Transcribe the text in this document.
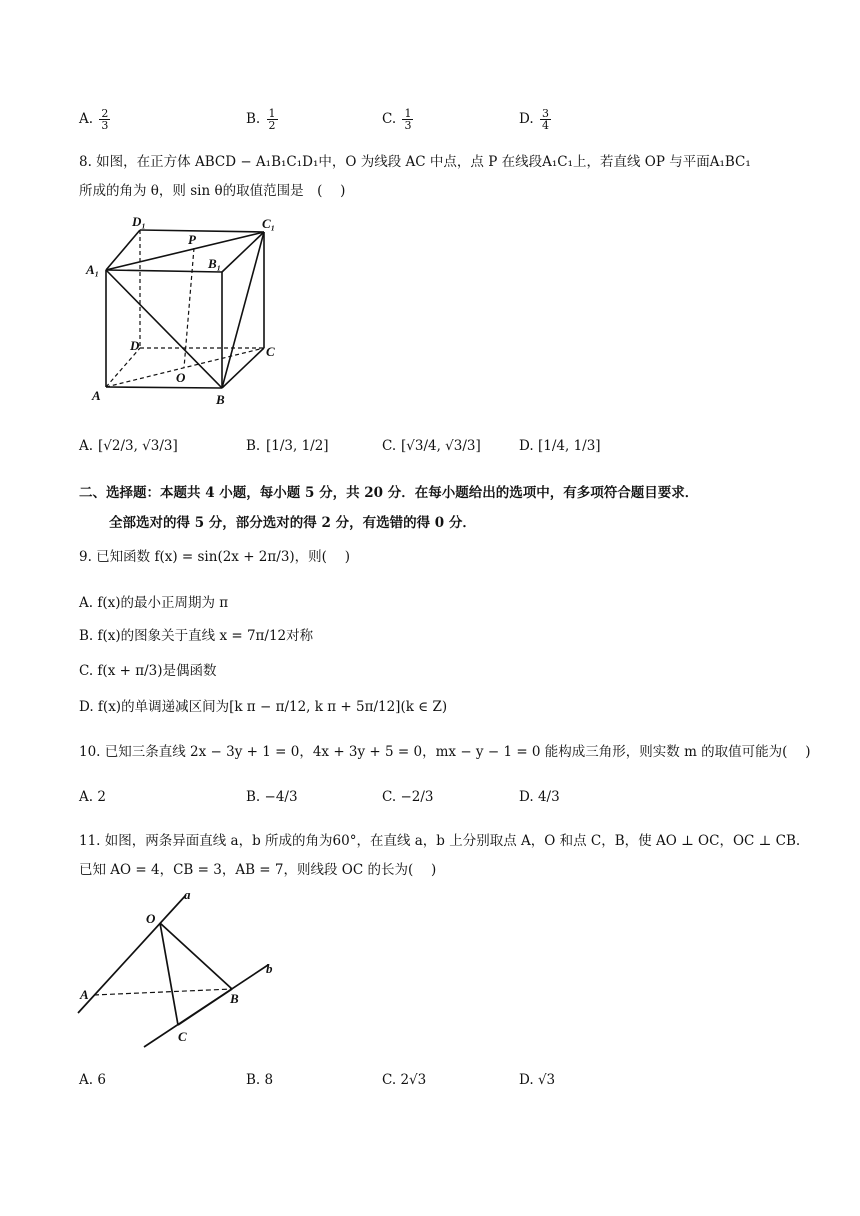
A. $\frac{2}{3}$	B. $\frac{1}{2}$	C. $\frac{1}{3}$	D. $\frac{3}{4}$
8. 如图，在正方体 ABCD − A₁B₁C₁D₁中，O 为线段 AC 中点，点 P 在线段A₁C₁上，若直线 OP 与平面A₁BC₁
所成的角为 θ，则 sin θ的取值范围是　(　 )
D₁	C₁
P
A₁	B₁
D	C
O
A	B
A. [√2/3, √3/3]	B. [1/3, 1/2]	C. [√3/4, √3/3]	D. [1/4, 1/3]
二、选择题：本题共 4 小题，每小题 5 分，共 20 分．在每小题给出的选项中，有多项符合题目要求．
全部选对的得 5 分，部分选对的得 2 分，有选错的得 0 分．
9. 已知函数 f(x) = sin(2x + 2π/3)，则(　 )
A. f(x)的最小正周期为 π
B. f(x)的图象关于直线 x = 7π/12对称
C. f(x + π/3)是偶函数
D. f(x)的单调递减区间为[k π − π/12, k π + 5π/12](k ∈ Z)
10. 已知三条直线 2x − 3y + 1 = 0，4x + 3y + 5 = 0，mx − y − 1 = 0 能构成三角形，则实数 m 的取值可能为(　 )
A. 2	B. −4/3	C. −2/3	D. 4/3
11. 如图，两条异面直线 a，b 所成的角为60°，在直线 a，b 上分别取点 A，O 和点 C，B，使 AO ⊥ OC，OC ⊥ CB.
已知 AO = 4，CB = 3，AB = 7，则线段 OC 的长为(　 )
a
b
O
A	B
C
A. 6	B. 8	C. 2√3	D. √3
